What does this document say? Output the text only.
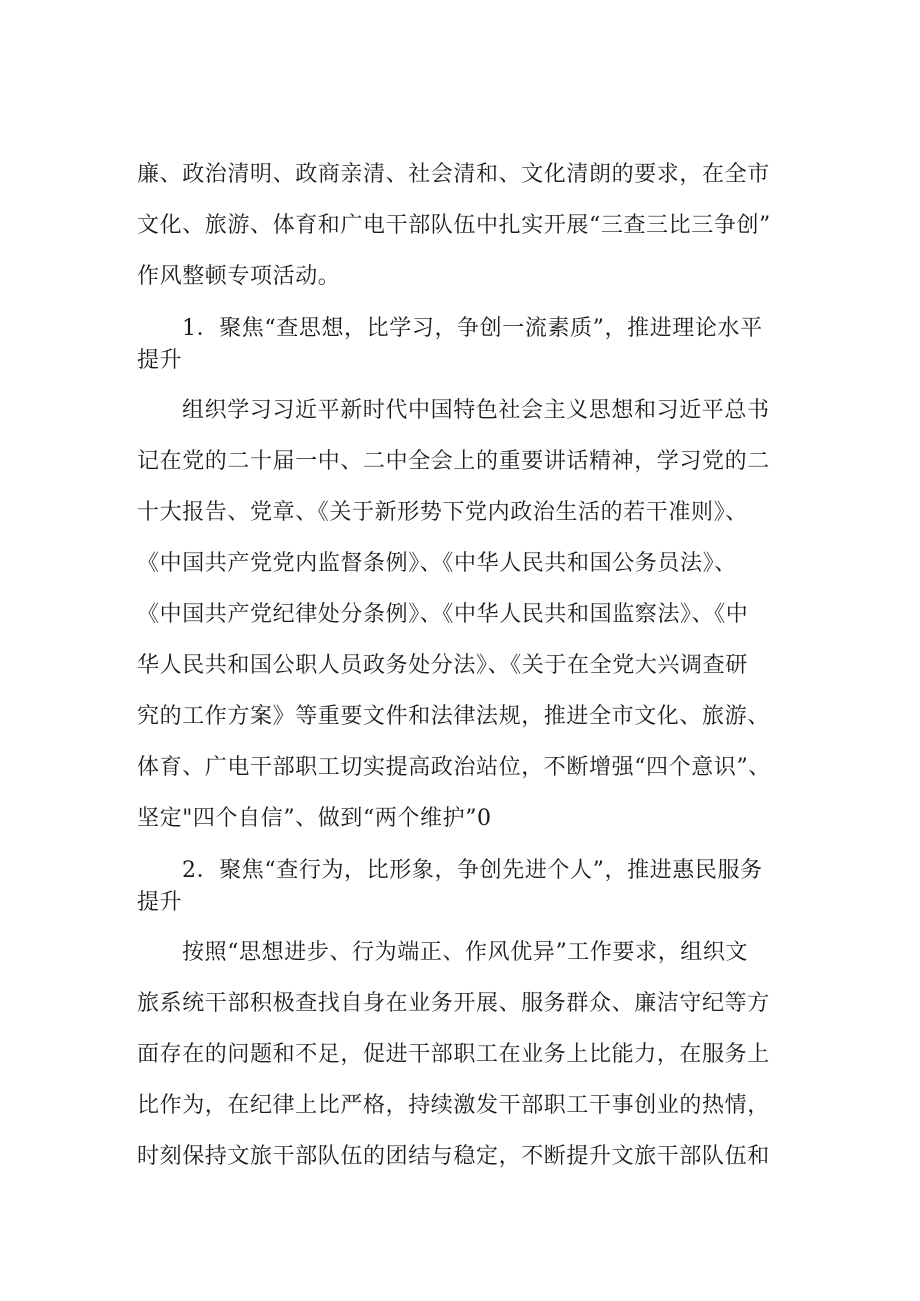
廉、政治清明、政商亲清、社会清和、文化清朗的要求，在全市
文化、旅游、体育和广电干部队伍中扎实开展“三查三比三争创”
作风整顿专项活动。
1．聚焦“查思想，比学习，争创一流素质”，推进理论水平
提升
组织学习习近平新时代中国特色社会主义思想和习近平总书
记在党的二十届一中、二中全会上的重要讲话精神，学习党的二
十大报告、党章、《关于新形势下党内政治生活的若干准则》、
《中国共产党党内监督条例》、《中华人民共和国公务员法》、
《中国共产党纪律处分条例》、《中华人民共和国监察法》、《中
华人民共和国公职人员政务处分法》、《关于在全党大兴调查研
究的工作方案》等重要文件和法律法规，推进全市文化、旅游、
体育、广电干部职工切实提高政治站位，不断增强“四个意识”、
坚定"四个自信”、做到“两个维护”0
2．聚焦“查行为，比形象，争创先进个人”，推进惠民服务
提升
按照“思想进步、行为端正、作风优异”工作要求，组织文
旅系统干部积极查找自身在业务开展、服务群众、廉洁守纪等方
面存在的问题和不足，促进干部职工在业务上比能力，在服务上
比作为，在纪律上比严格，持续激发干部职工干事创业的热情，
时刻保持文旅干部队伍的团结与稳定，不断提升文旅干部队伍和
